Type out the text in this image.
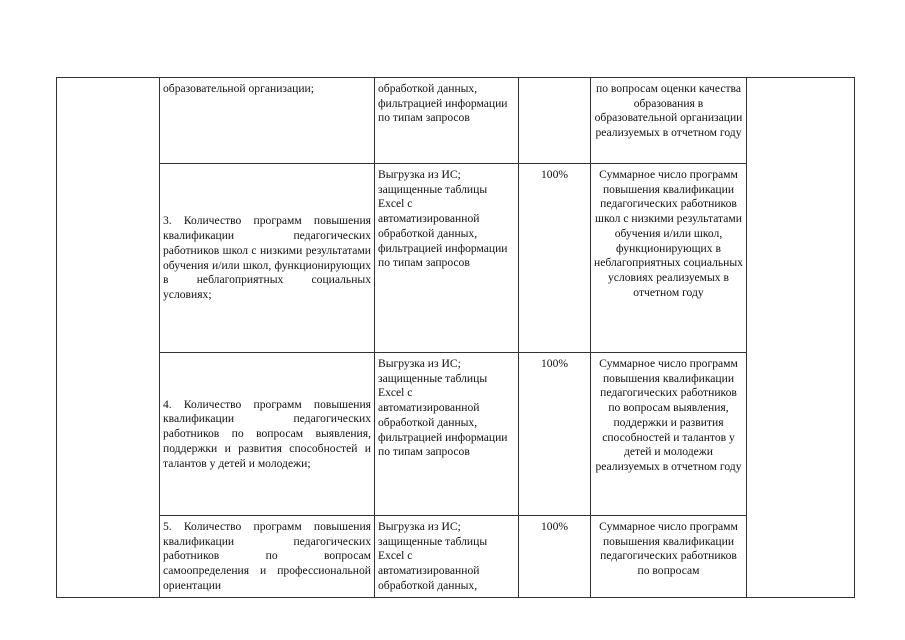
	образовательной организации;	обработкой данных, фильтрацией информации по типам запросов		по вопросам оценки качества образования в образовательной организации реализуемых в отчетном году	
	3. Количество программ повышения квалификации педагогических работников школ с низкими результатами обучения и/или школ, функционирующих в неблагоприятных социальных условиях;	Выгрузка из ИС; защищенные таблицы Excel с автоматизированной обработкой данных, фильтрацией информации по типам запросов	100%	Суммарное число программ повышения квалификации педагогических работников школ с низкими результатами обучения и/или школ, функционирующих в неблагоприятных социальных условиях реализуемых в отчетном году	
	4. Количество программ повышения квалификации педагогических работников по вопросам выявления, поддержки и развития способностей и талантов у детей и молодежи;	Выгрузка из ИС; защищенные таблицы Excel с автоматизированной обработкой данных, фильтрацией информации по типам запросов	100%	Суммарное число программ повышения квалификации педагогических работников по вопросам выявления, поддержки и развития способностей и талантов у детей и молодежи реализуемых в отчетном году	
	5. Количество программ повышения квалификации педагогических работников по вопросам самоопределения и профессиональной ориентации	Выгрузка из ИС; защищенные таблицы Excel с автоматизированной обработкой данных,	100%	Суммарное число программ повышения квалификации педагогических работников по вопросам	
